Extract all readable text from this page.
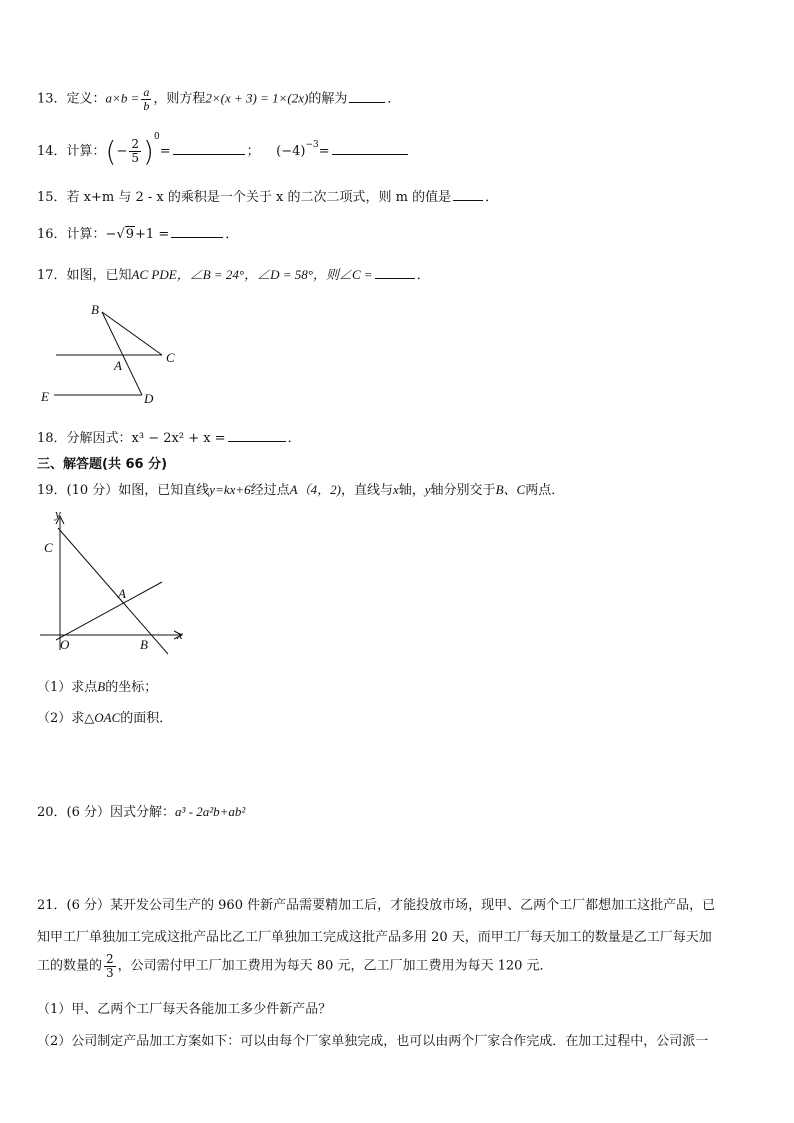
13．定义：$a\times b = \frac{a}{b}$ ，则方程2×(x + 3) = 1×(2x)的解为	．
14．计算：(− $\frac{2}{5} )^0=$	； $(-4)^{-3}=$
15．若 x+m 与 2 - x 的乘积是一个关于 x 的二次二项式，则 m 的值是	．
16．计算：−√9+1 =	．
17．如图，已知AC PDE，∠B = 24°，∠D = 58°，则∠C =	．
B
C
A
E	D
18．分解因式：x³ − 2x² + x =	．
三、解答题(共 66 分)
19．(10 分）如图，已知直线y=kx+6经过点A（4，2)，直线与x轴，y轴分别交于B、C两点．
y
C
A
O	B
x
（1）求点B的坐标；
（2）求△OAC的面积．
20．(6 分）因式分解：a³ - 2a²b+ab²
21．(6 分）某开发公司生产的 960 件新产品需要精加工后，才能投放市场，现甲、乙两个工厂都想加工这批产品，已
知甲工厂单独加工完成这批产品比乙工厂单独加工完成这批产品多用 20 天，而甲工厂每天加工的数量是乙工厂每天加
工的数量的 $\frac{2}{3}$ ，公司需付甲工厂加工费用为每天 80 元，乙工厂加工费用为每天 120 元．
（1）甲、乙两个工厂每天各能加工多少件新产品？
（2）公司制定产品加工方案如下：可以由每个厂家单独完成，也可以由两个厂家合作完成．在加工过程中，公司派一
